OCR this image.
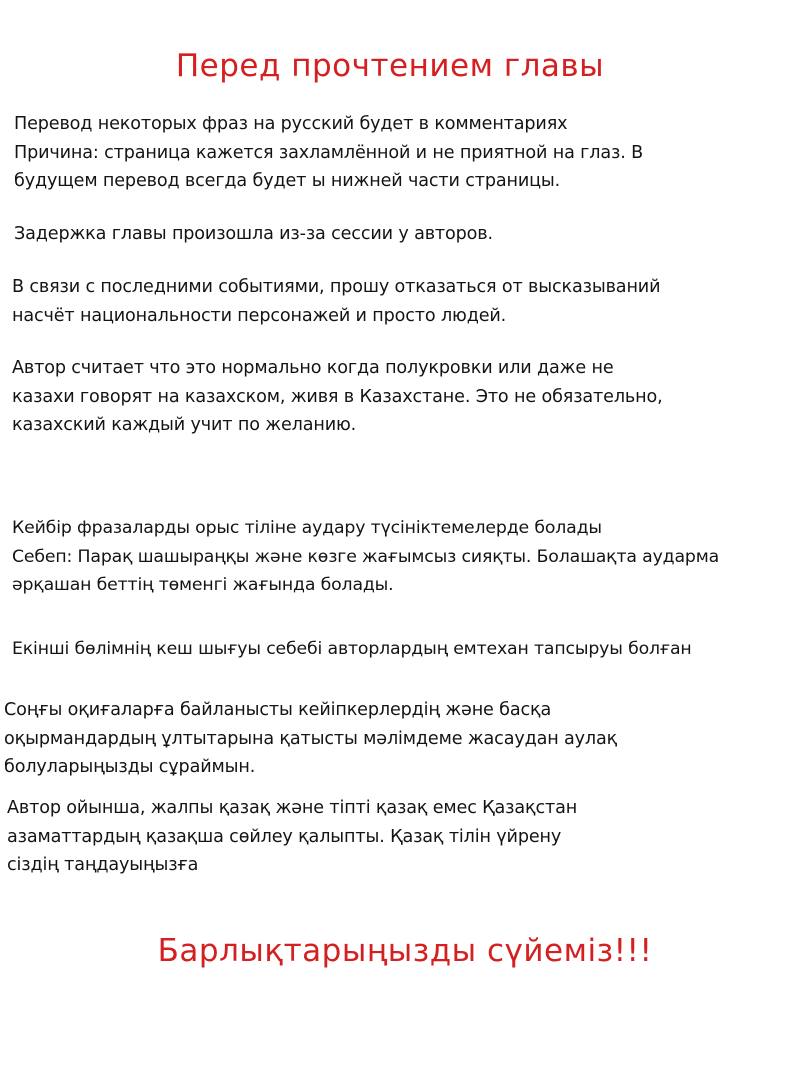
Перед прочтением главы

Перевод некоторых фраз на русский будет в комментариях
Причина: страница кажется захламлённой и не приятной на глаз. В
будущем перевод всегда будет ы нижней части страницы.

Задержка главы произошла из-за сессии у авторов.

В связи с последними событиями, прошу отказаться от высказываний
насчёт национальности персонажей и просто людей.

Автор считает что это нормально когда полукровки или даже не
казахи говорят на казахском, живя в Казахстане. Это не обязательно,
казахский каждый учит по желанию.

Кейбір фразаларды орыс тіліне аудару түсініктемелерде болады
Себеп: Парақ шашыраңқы және көзге жағымсыз сияқты. Болашақта аударма
әрқашан беттің төменгі жағында болады.

Екінші бөлімнің кеш шығуы себебі авторлардың емтехан тапсыруы болған

Соңғы оқиғаларға байланысты кейіпкерлердің және басқа
оқырмандардың ұлтытарына қатысты мәлімдеме жасаудан аулақ
болуларыңызды сұраймын.

Автор ойынша, жалпы қазақ және тіпті қазақ емес Қазақстан
азаматтардың қазақша сөйлеу қалыпты. Қазақ тілін үйрену
сіздің таңдауыңызға

Барлықтарыңызды сүйеміз!!!
